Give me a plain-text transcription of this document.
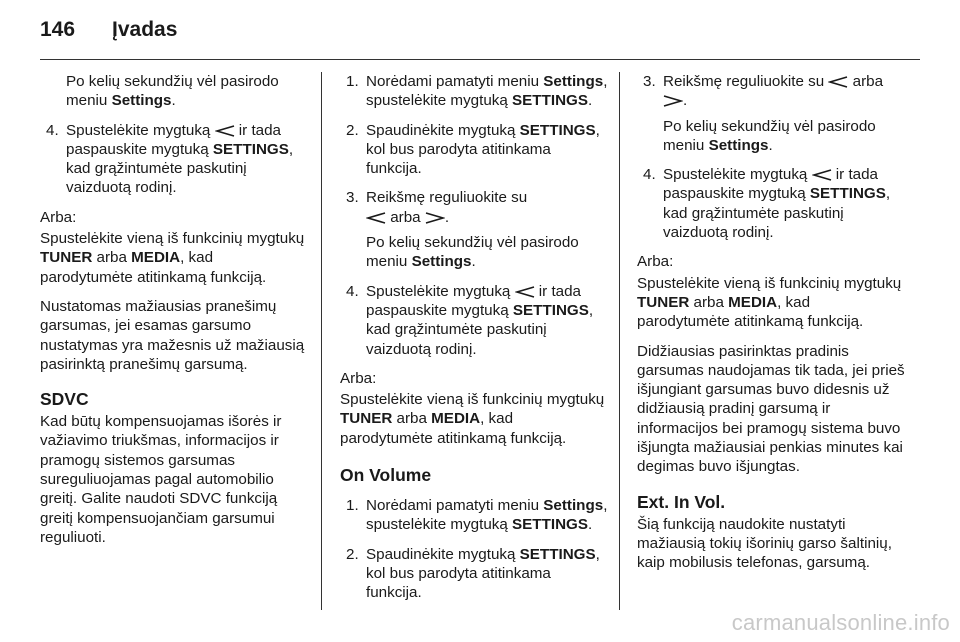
146	Įvadas
Po kelių sekundžių vėl pasirodo meniu Settings.
4. Spustelėkite mygtuką
ir tada paspauskite mygtuką SETTINGS, kad grąžintumėte paskutinį vaizduotą rodinį.
Arba:
Spustelėkite vieną iš funkcinių mygtukų TUNER arba MEDIA, kad parodytumėte atitinkamą funkciją.
Nustatomas mažiausias pranešimų garsumas, jei esamas garsumo nustatymas yra mažesnis už mažiausią pasirinktą pranešimų garsumą.
SDVC
Kad būtų kompensuojamas išorės ir važiavimo triukšmas, informacijos ir pramogų sistemos garsumas sureguliuojamas pagal automobilio greitį. Galite naudoti SDVC funkciją greitį kompensuojančiam garsumui reguliuoti.
1. Norėdami pamatyti meniu Settings, spustelėkite mygtuką SETTINGS.
2. Spaudinėkite mygtuką SETTINGS, kol bus parodyta atitinkama funkcija.
3. Reikšmę reguliuokite su

arba
.
Po kelių sekundžių vėl pasirodo meniu Settings.
4. Spustelėkite mygtuką
ir tada paspauskite mygtuką SETTINGS, kad grąžintumėte paskutinį vaizduotą rodinį.
Arba:
Spustelėkite vieną iš funkcinių mygtukų TUNER arba MEDIA, kad parodytumėte atitinkamą funkciją.
On Volume
1. Norėdami pamatyti meniu Settings, spustelėkite mygtuką SETTINGS.
2. Spaudinėkite mygtuką SETTINGS, kol bus parodyta atitinkama funkcija.
3. Reikšmę reguliuokite su
arba

.
Po kelių sekundžių vėl pasirodo meniu Settings.
4. Spustelėkite mygtuką
ir tada paspauskite mygtuką SETTINGS, kad grąžintumėte paskutinį vaizduotą rodinį.
Arba:
Spustelėkite vieną iš funkcinių mygtukų TUNER arba MEDIA, kad parodytumėte atitinkamą funkciją.
Didžiausias pasirinktas pradinis garsumas naudojamas tik tada, jei prieš išjungiant garsumas buvo didesnis už didžiausią pradinį garsumą ir informacijos bei pramogų sistema buvo išjungta mažiausiai penkias minutes kai degimas buvo išjungtas.
Ext. In Vol.
Šią funkciją naudokite nustatyti mažiausią tokių išorinių garso šaltinių, kaip mobilusis telefonas, garsumą.
carmanualsonline.info
